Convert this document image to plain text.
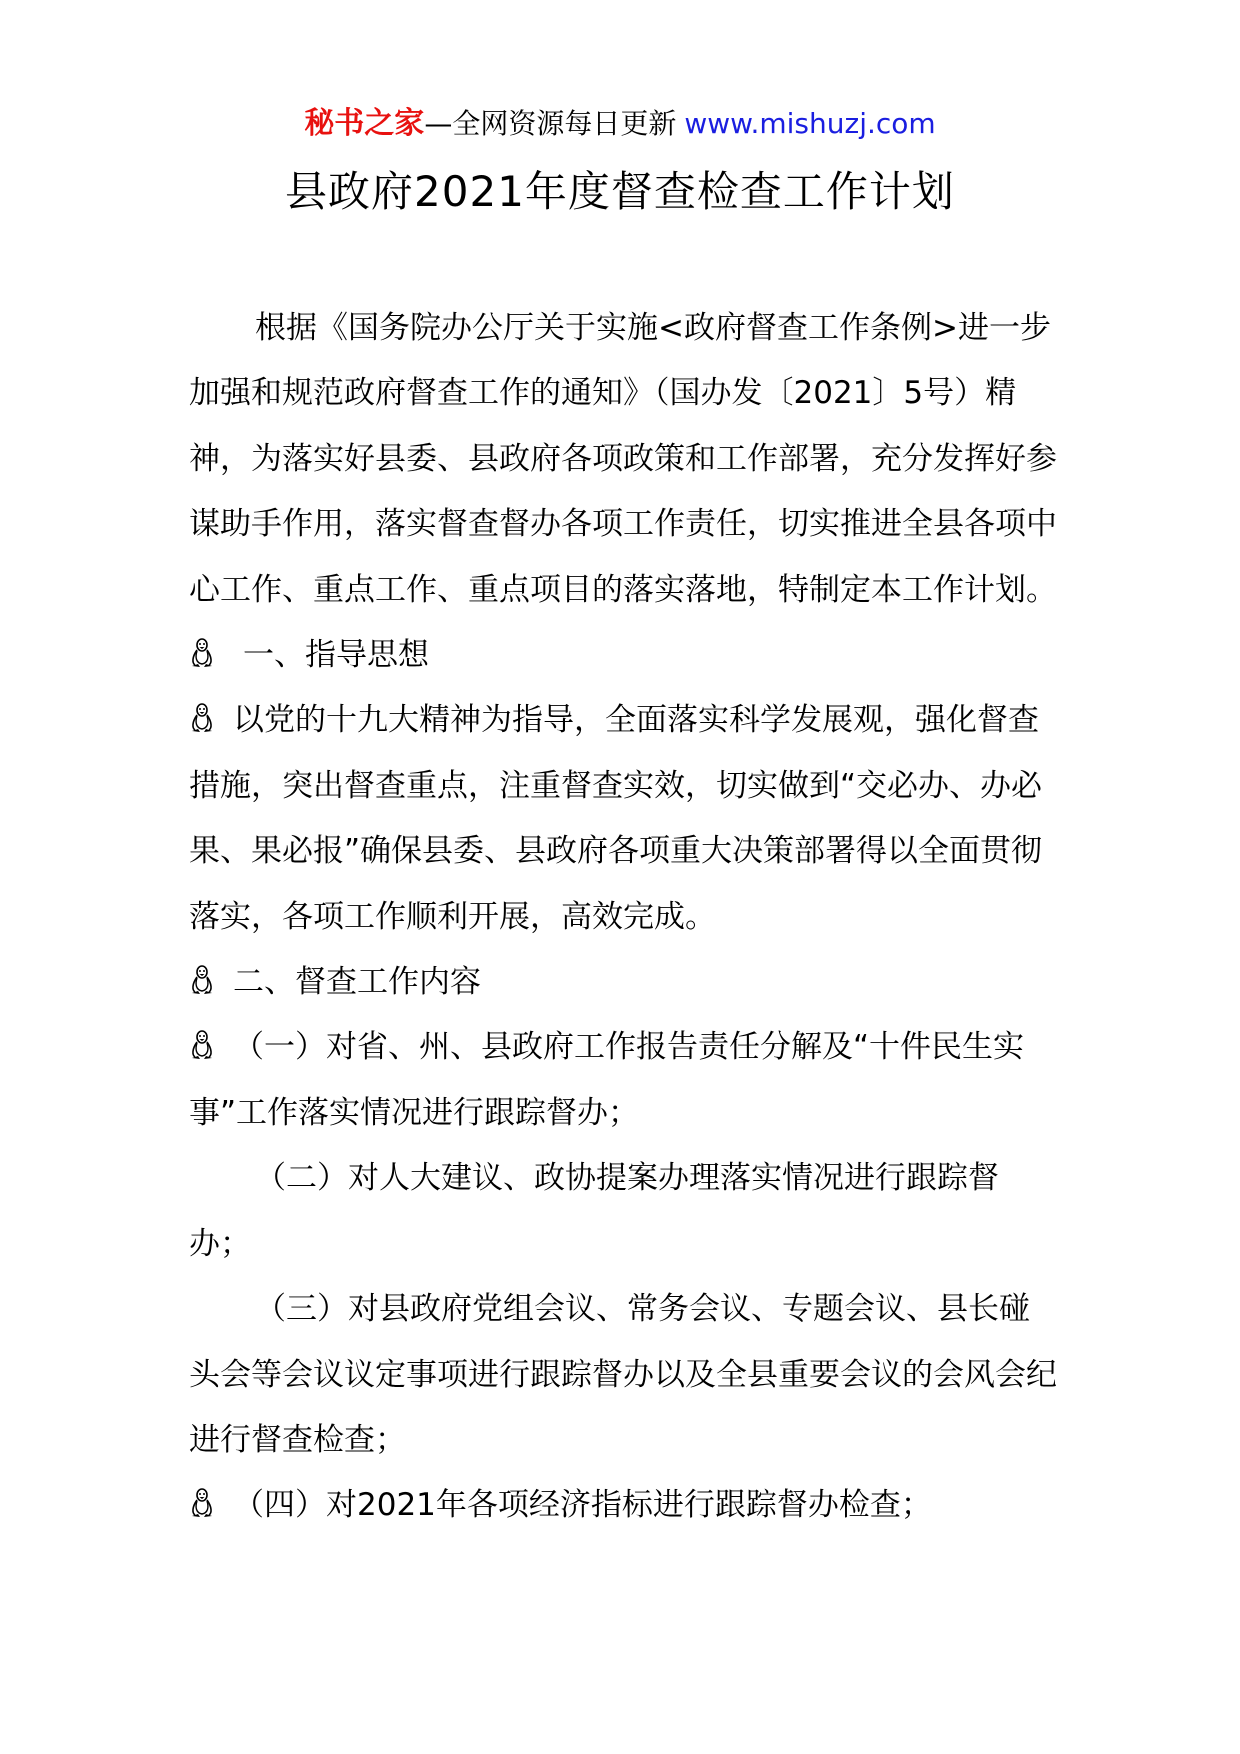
秘书之家—全网资源每日更新 www.mishuzj.com
县政府2021年度督查检查工作计划

根据《国务院办公厅关于实施<政府督查工作条例>进一步加强和规范政府督查工作的通知》（国办发〔2021〕5号）精神，为落实好县委、县政府各项政策和工作部署，充分发挥好参谋助手作用，落实督查督办各项工作责任，切实推进全县各项中心工作、重点工作、重点项目的落实落地，特制定本工作计划。

一、指导思想

以党的十九大精神为指导，全面落实科学发展观，强化督查措施，突出督查重点，注重督查实效，切实做到“交必办、办必果、果必报”确保县委、县政府各项重大决策部署得以全面贯彻落实，各项工作顺利开展，高效完成。

二、督查工作内容

（一）对省、州、县政府工作报告责任分解及“十件民生实事”工作落实情况进行跟踪督办；

（二）对人大建议、政协提案办理落实情况进行跟踪督办；

（三）对县政府党组会议、常务会议、专题会议、县长碰头会等会议议定事项进行跟踪督办以及全县重要会议的会风会纪进行督查检查；

（四）对2021年各项经济指标进行跟踪督办检查；
